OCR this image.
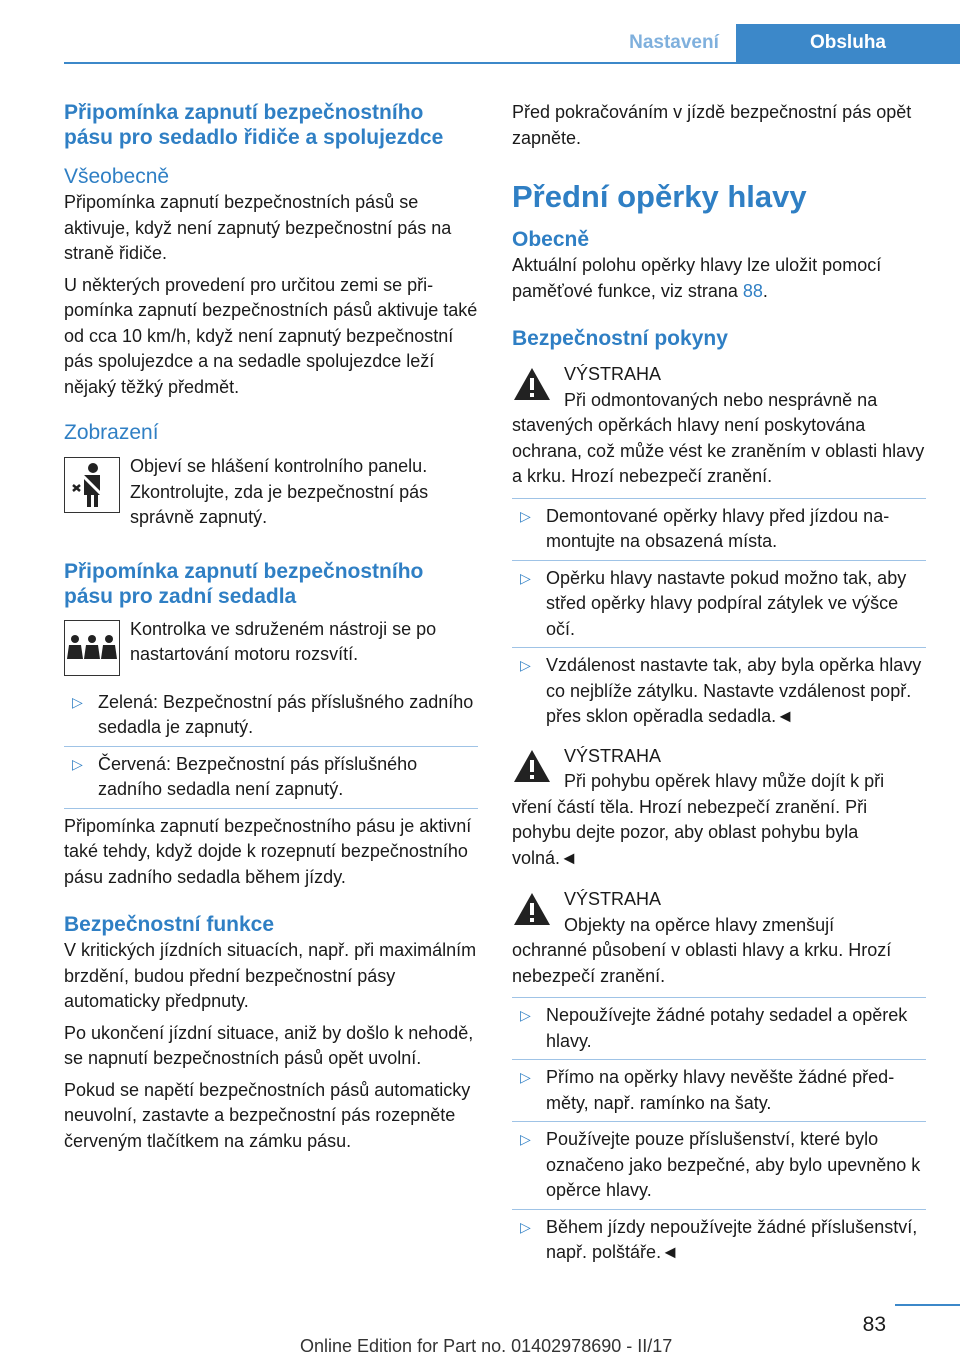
Nastavení	Obsluha
Připomínka zapnutí bezpečnostního pásu pro sedadlo řidiče a spolujezdce
Všeobecně

Připomínka zapnutí bezpečnostních pásů se aktivuje, když není zapnutý bezpečnostní pás na straně řidiče.

U některých provedení pro určitou zemi se připomínka zapnutí bezpečnostních pásů aktivuje také od cca 10 km/h, když není zapnutý bezpečnostní pás spolujezdce a na sedadle spolujezdce leží nějaký těžký předmět.

Zobrazení

Objeví se hlášení kontrolního panelu. Zkontrolujte, zda je bezpečnostní pás správně zapnutý.

Připomínka zapnutí bezpečnostního pásu pro zadní sedadla

Kontrolka ve sdruženém nástroji se po nastartování motoru rozsvítí.

▷ Zelená: Bezpečnostní pás příslušného zadního sedadla je zapnutý.
▷ Červená: Bezpečnostní pás příslušného zadního sedadla není zapnutý.

Připomínka zapnutí bezpečnostního pásu je aktivní také tehdy, když dojde k rozepnutí bezpečnostního pásu zadního sedadla během jízdy.

Bezpečnostní funkce

V kritických jízdních situacích, např. při maximálním brzdění, budou přední bezpečnostní pásy automaticky předpnuty.

Po ukončení jízdní situace, aniž by došlo k nehodě, se napnutí bezpečnostních pásů opět uvolní.

Pokud se napětí bezpečnostních pásů automaticky neuvolní, zastavte a bezpečnostní pás rozepněte červeným tlačítkem na zámku pásu.

Před pokračováním v jízdě bezpečnostní pás opět zapněte.

Přední opěrky hlavy
Obecně

Aktuální polohu opěrky hlavy lze uložit pomocí paměťové funkce, viz strana 88.

Bezpečnostní pokyny
VÝSTRAHA

Při odmontovaných nebo nesprávně na

stavených opěrkách hlavy není poskytována ochrana, což může vést ke zraněním v oblasti hlavy a krku. Hrozí nebezpečí zranění.

▷ Demontované opěrky hlavy před jízdou namontujte na obsazená místa.
▷ Opěrku hlavy nastavte pokud možno tak, aby střed opěrky hlavy podpíral zátylek ve výšce očí.
▷ Vzdálenost nastavte tak, aby byla opěrka hlavy co nejblíže zátylku. Nastavte vzdálenost popř. přes sklon opěradla sedadla.◄
VÝSTRAHA

Při pohybu opěrek hlavy může dojít k při

vření částí těla. Hrozí nebezpečí zranění. Při pohybu dejte pozor, aby oblast pohybu byla volná.◄

VÝSTRAHA

Objekty na opěrce hlavy zmenšují

ochranné působení v oblasti hlavy a krku. Hrozí nebezpečí zranění.

▷ Nepoužívejte žádné potahy sedadel a opěrek hlavy.
▷ Přímo na opěrky hlavy nevěšte žádné předměty, např. ramínko na šaty.
▷ Používejte pouze příslušenství, které bylo označeno jako bezpečné, aby bylo upevněno k opěrce hlavy.
▷ Během jízdy nepoužívejte žádné příslušenství, např. polštáře.◄
83
Online Edition for Part no. 01402978690 - II/17
